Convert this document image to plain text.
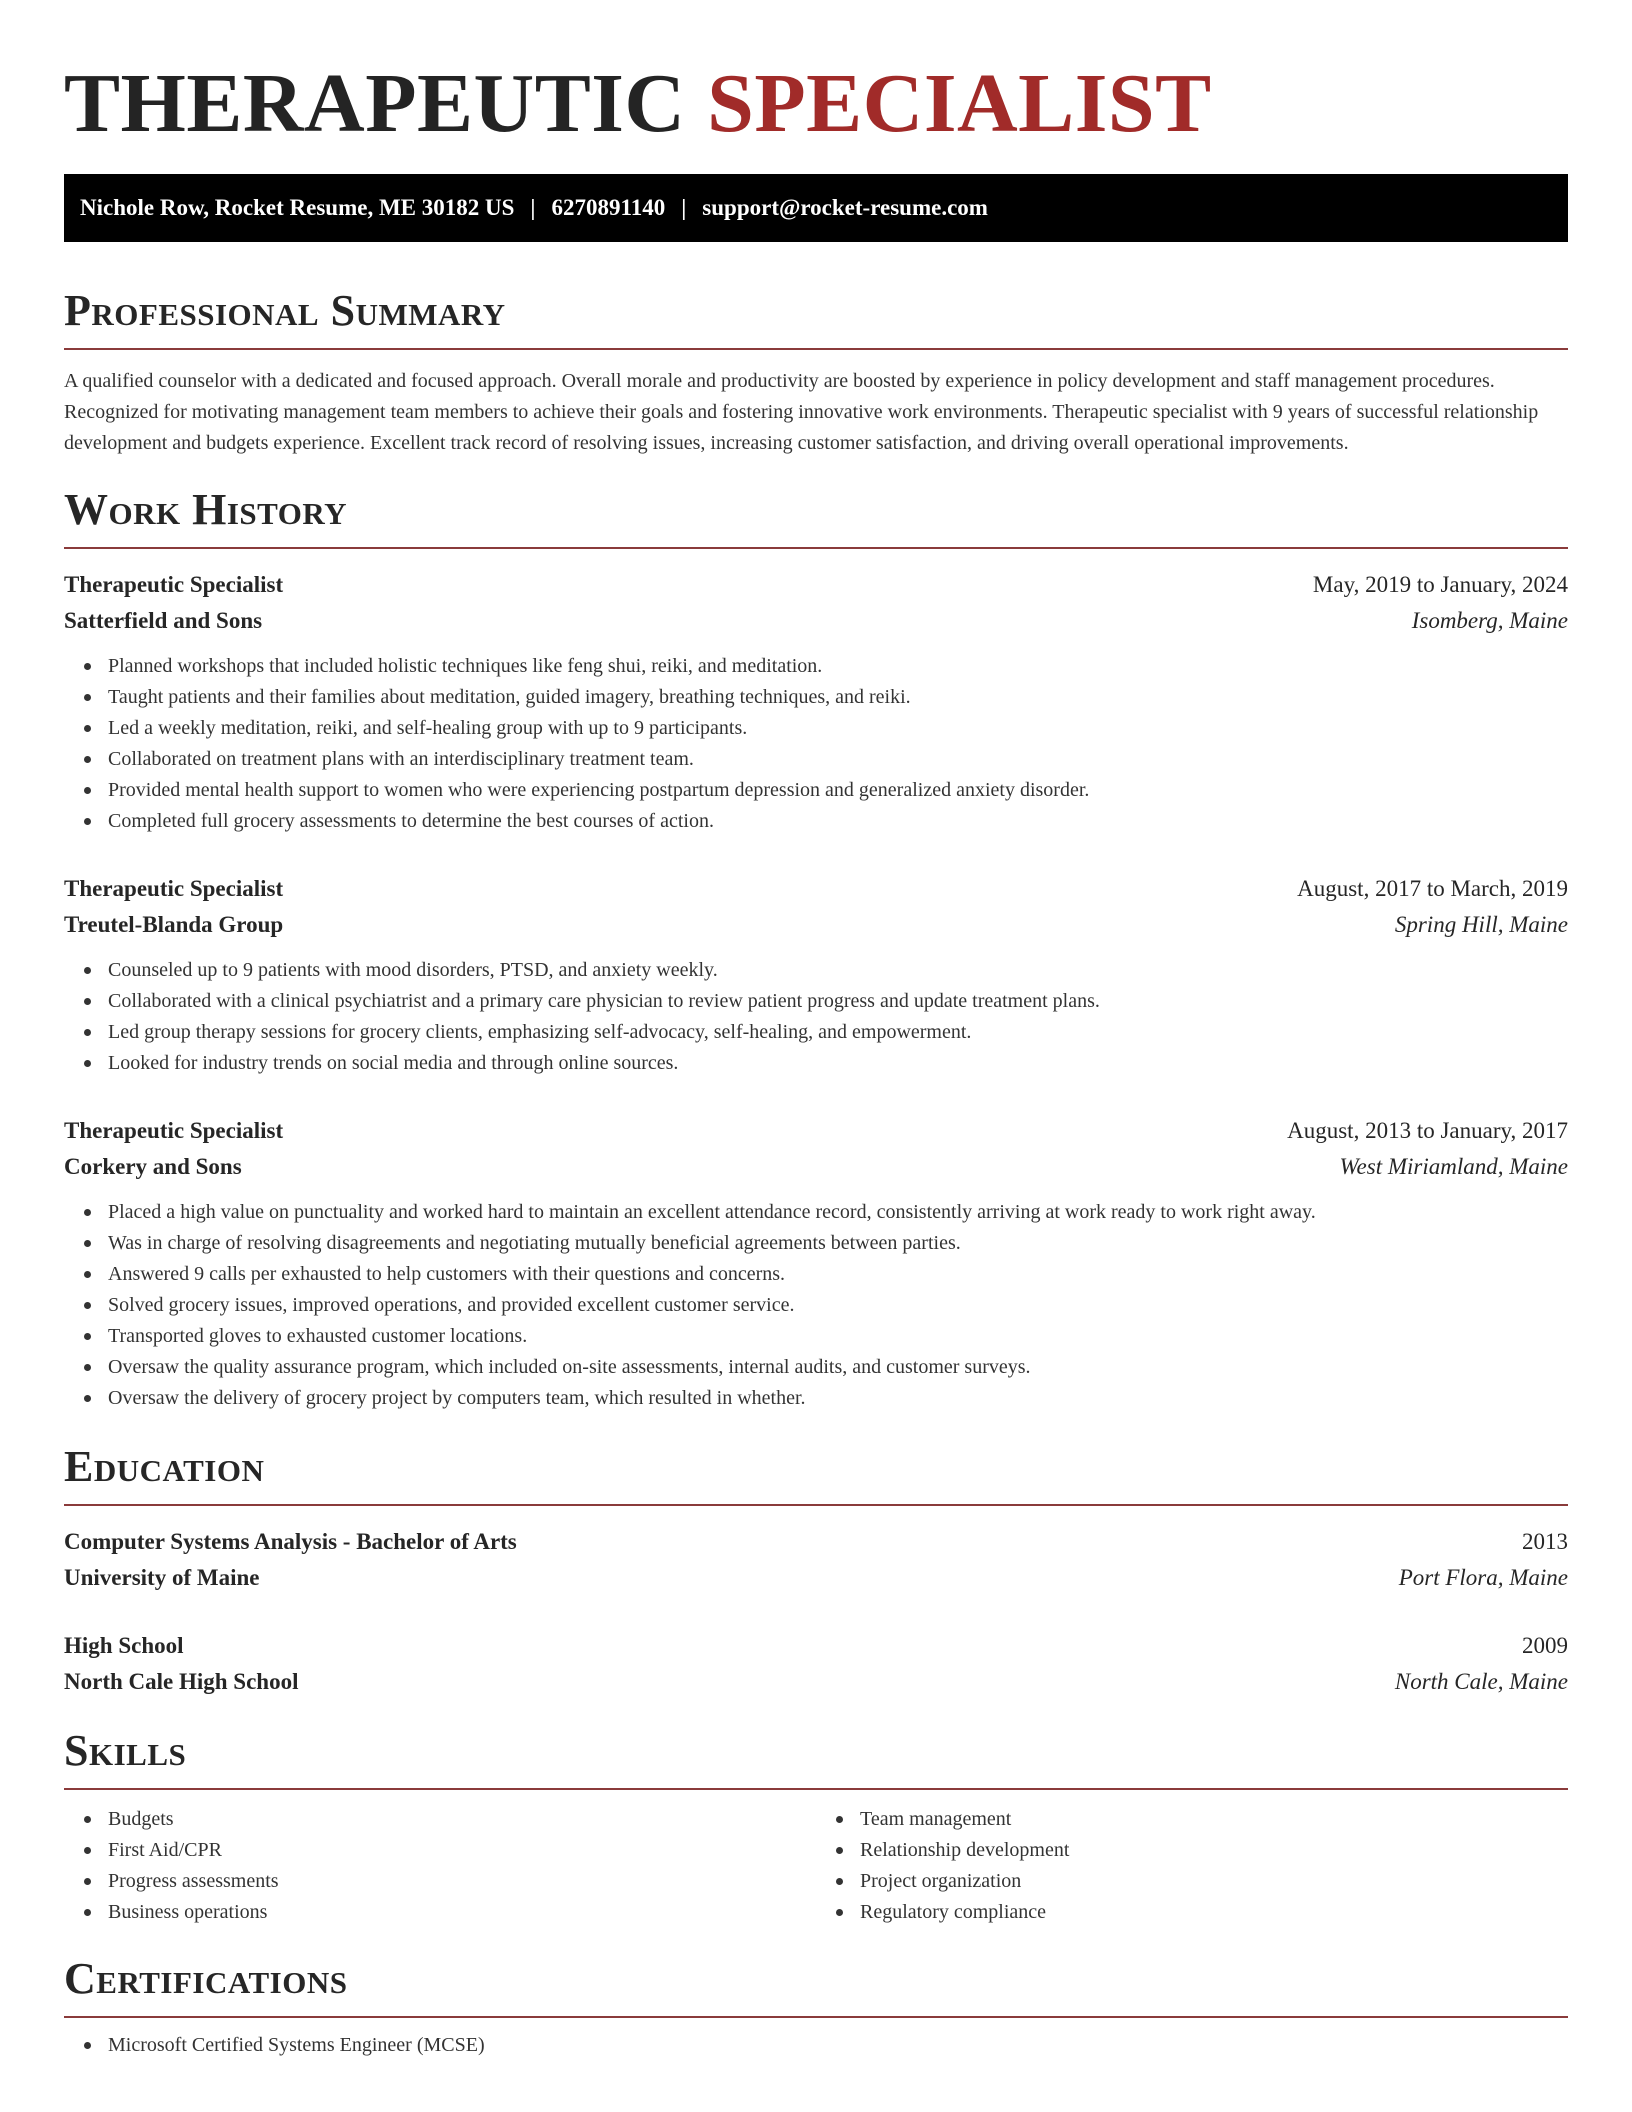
THERAPEUTIC SPECIALIST
Nichole Row, Rocket Resume, ME 30182 US | 6270891140 | support@rocket-resume.com
Professional Summary

A qualified counselor with a dedicated and focused approach. Overall morale and productivity are boosted by experience in policy development and staff management procedures. Recognized for motivating management team members to achieve their goals and fostering innovative work environments. Therapeutic specialist with 9 years of successful relationship development and budgets experience. Excellent track record of resolving issues, increasing customer satisfaction, and driving overall operational improvements.

Work History
Therapeutic Specialist	May, 2019 to January, 2024
Satterfield and Sons	Isomberg, Maine
Planned workshops that included holistic techniques like feng shui, reiki, and meditation.
Taught patients and their families about meditation, guided imagery, breathing techniques, and reiki.
Led a weekly meditation, reiki, and self-healing group with up to 9 participants.
Collaborated on treatment plans with an interdisciplinary treatment team.
Provided mental health support to women who were experiencing postpartum depression and generalized anxiety disorder.
Completed full grocery assessments to determine the best courses of action.
Therapeutic Specialist	August, 2017 to March, 2019
Treutel-Blanda Group	Spring Hill, Maine
Counseled up to 9 patients with mood disorders, PTSD, and anxiety weekly.
Collaborated with a clinical psychiatrist and a primary care physician to review patient progress and update treatment plans.
Led group therapy sessions for grocery clients, emphasizing self-advocacy, self-healing, and empowerment.
Looked for industry trends on social media and through online sources.
Therapeutic Specialist	August, 2013 to January, 2017
Corkery and Sons	West Miriamland, Maine
Placed a high value on punctuality and worked hard to maintain an excellent attendance record, consistently arriving at work ready to work right away.
Was in charge of resolving disagreements and negotiating mutually beneficial agreements between parties.
Answered 9 calls per exhausted to help customers with their questions and concerns.
Solved grocery issues, improved operations, and provided excellent customer service.
Transported gloves to exhausted customer locations.
Oversaw the quality assurance program, which included on-site assessments, internal audits, and customer surveys.
Oversaw the delivery of grocery project by computers team, which resulted in whether.
Education
Computer Systems Analysis - Bachelor of Arts	2013
University of Maine	Port Flora, Maine
High School	2009
North Cale High School	North Cale, Maine
Skills
Budgets
First Aid/CPR
Progress assessments
Business operations
Team management
Relationship development
Project organization
Regulatory compliance
Certifications
Microsoft Certified Systems Engineer (MCSE)
